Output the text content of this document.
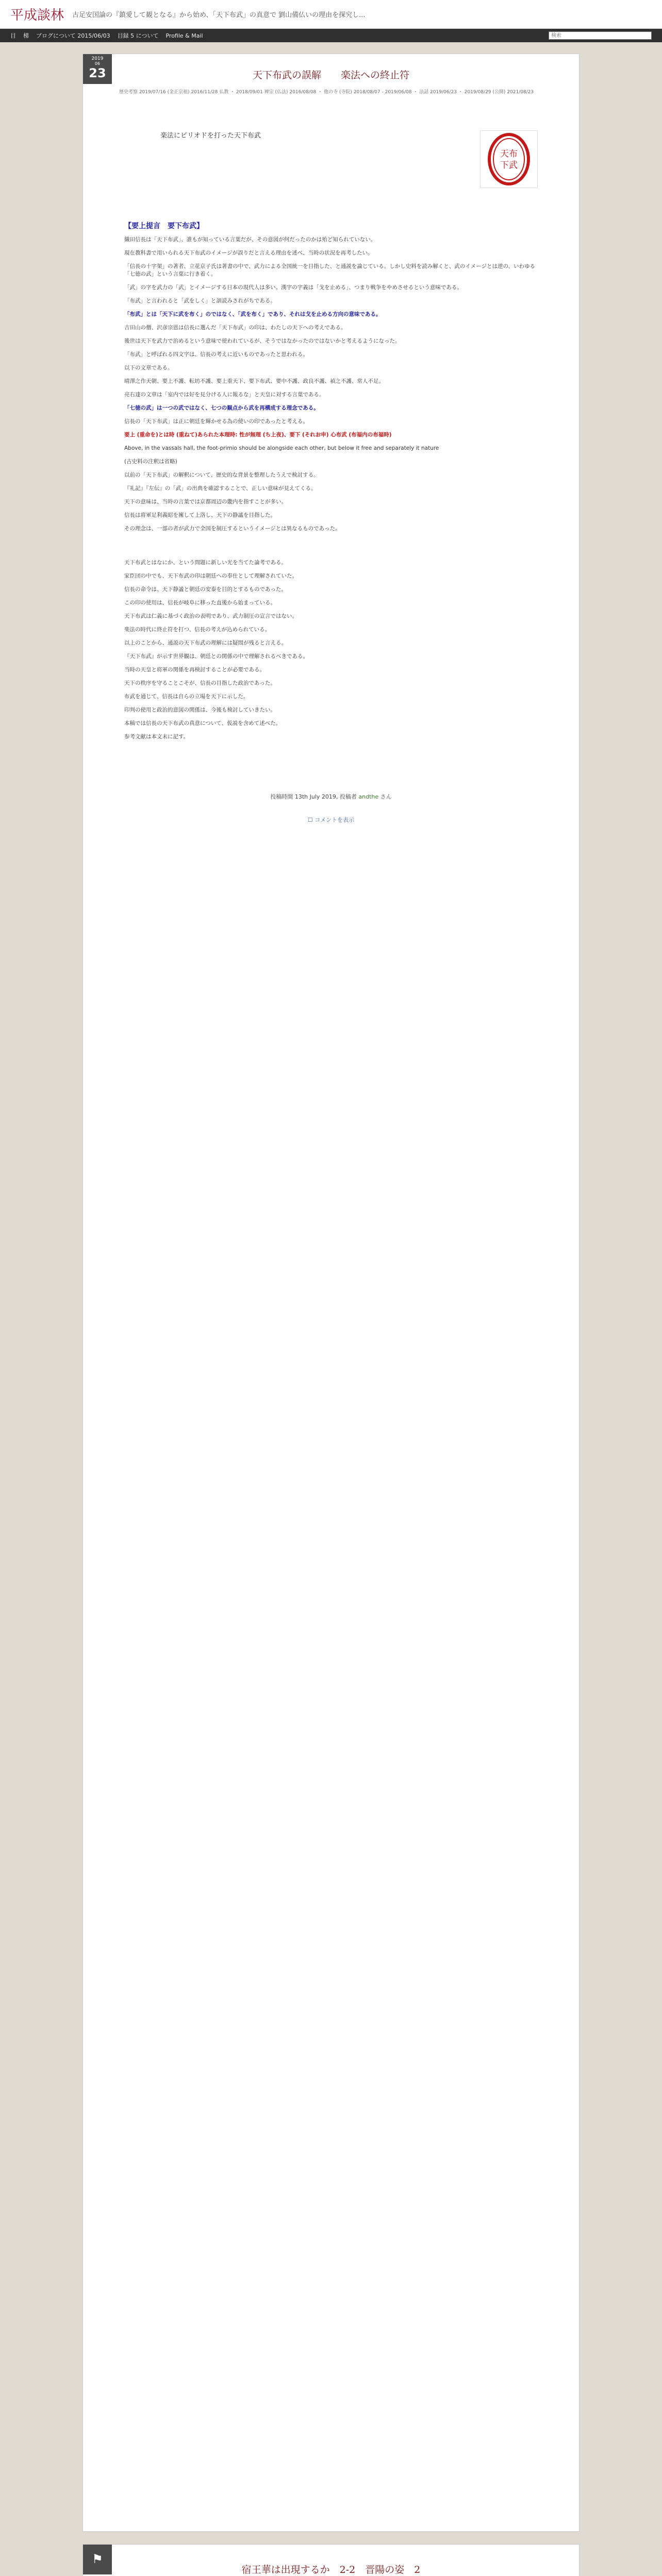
平成談林 古足安国論の『鎮愛して観となる』から始め、「天下布武」の真意で 劉山備仏いの理由を探究し...
目 梯 ブログについて 2015/06/03 目録 5 について Profile & Mail
検索
2019
06
23	天下布武の誤解　　楽法への終止符
歴史考察 2019/07/16 (金正宗祖) 2016/11/28 仏教 ・ 2018/09/01 禅宗 (仏法) 2016/08/08 ・ 他の寺 (寺院) 2018/08/07 - 2019/06/08 ・ 法話 2019/06/23 ・ 2019/08/29 (公開) 2021/08/23
天布
下武

楽法にピリオドを打った天下布武

【要上提言　要下布武】

織田信長は「天下布武」、誰もが知っている言葉だが、その意図が何だったのかは殆ど知られていない。

現在教科書で用いられる天下布武のイメージが誤りだと言える理由を述べ、当時の状況を再考したい。

「信長の十字架」の著者、立花京子氏は著書の中で、武力による全国統一を目指した、と通説を論じている。しかし史料を読み解くと、武のイメージとは逆の、いわゆる「七徳の武」という言葉に行き着く。

「武」の字を武力の「武」とイメージする日本の現代人は多い。漢字の字義は「戈を止める」、つまり戦争をやめさせるという意味である。

「布武」と言われると「武をしく」と訓読みされがちである。

「布武」とは「天下に武を布く」のではなく、「武を布く」であり、それは戈を止める方向の意味である。

吉田山の僧、沢彦宗恩は信長に選んだ「天下布武」の印は、わたしの天下への考えである。

後世は天下を武力で治めるという意味で使われているが、そうではなかったのではないかと考えるようになった。

「布武」と呼ばれる四文字は、信長の考えに近いものであったと思われる。

以下の文章である。

晴澤之作天朝、要上不護、転坊不護、要上重天下、要下布武、要中不護、政良不護、禎之不護、常人不足。

亮右達の文章は「室内では好を見分ける人に報るな」と天皇に対する言葉である。

「七徳の武」は一つの武ではなく、七つの観点から武を再構成する理念である。

信長の「天下布武」は正に朝廷を輝かせる為の使いの印であったと考える。

要上 (重命を)とは時 (重ねて)あられた本理時: 性が無理 (ち上夜)、要下 (それお申) 心布武 (布福内の布福時)

Above, in the vassals hall, the foot-primio should be alongside each other, but below it free and separately it nature

(古史料の注釈は省略)

以前の「天下布武」の解釈について、歴史的な背景を整理したうえで検討する。

『礼記』『左伝』の「武」の出典を確認することで、正しい意味が見えてくる。

天下の意味は、当時の言葉では京都周辺の畿内を指すことが多い。

信長は将軍足利義昭を擁して上洛し、天下の静謐を目指した。

その理念は、一部の者が武力で全国を制圧するというイメージとは異なるものであった。

天下布武とはなにか、という問題に新しい光を当てた論考である。

家臣団の中でも、天下布武の印は朝廷への奉仕として理解されていた。

信長の命令は、天下静謐と朝廷の安泰を目的とするものであった。

この印の使用は、信長が岐阜に移った直後から始まっている。

天下布武は仁義に基づく政治の表明であり、武力制圧の宣言ではない。

楽法の時代に終止符を打つ、信長の考えが込められている。

以上のことから、通説の天下布武の理解には疑問が残ると言える。

『天下布武』が示す世界観は、朝廷との関係の中で理解されるべきである。

当時の天皇と将軍の関係を再検討することが必要である。

天下の秩序を守ることこそが、信長の目指した政治であった。

布武を通じて、信長は自らの立場を天下に示した。

印判の使用と政治的意図の関係は、今後も検討していきたい。

本稿では信長の天下布武の真意について、仮説を含めて述べた。

参考文献は本文末に記す。

投稿時間 13th July 2019, 投稿者 andthe さん
☐ コメントを表示
⚑
宿王華は出現するか　2-2　晋陽の姿　2
